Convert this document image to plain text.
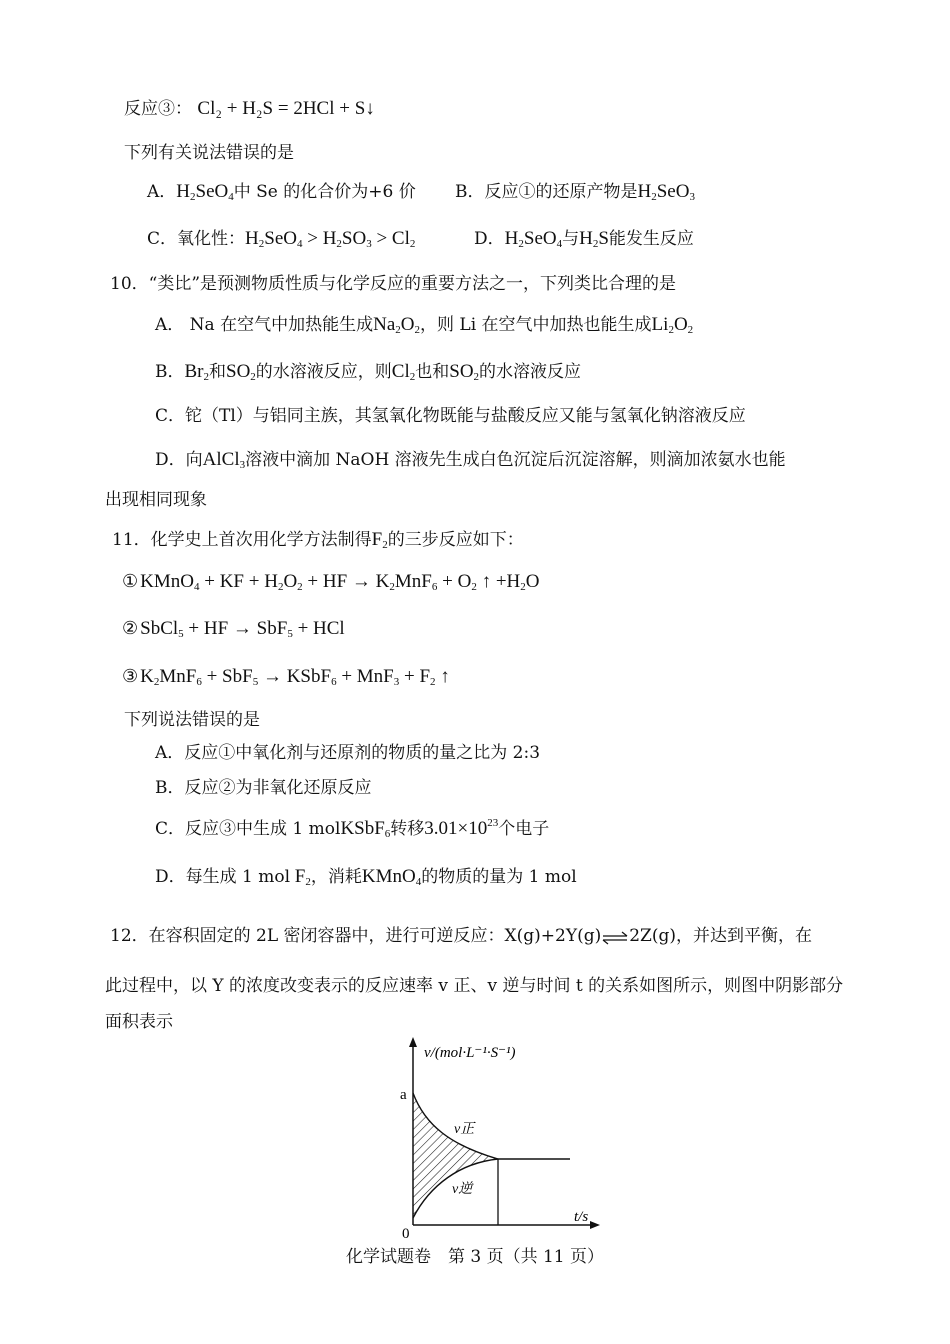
反应③： Cl₂ + H₂S = 2HCl + S↓
下列有关说法错误的是
A．H2SeO4中 Se 的化合价为+6 价 B．反应①的还原产物是H2SeO3
C．氧化性：H2SeO4 > H2SO3 > Cl2	D．H2SeO4与H2S能发生反应
10．“类比”是预测物质性质与化学反应的重要方法之一，下列类比合理的是
A． Na 在空气中加热能生成Na2O2，则 Li 在空气中加热也能生成Li2O2
B．Br2和SO2的水溶液反应，则Cl2也和SO2的水溶液反应
C．铊（Tl）与铝同主族，其氢氧化物既能与盐酸反应又能与氢氧化钠溶液反应
D．向AlCl3溶液中滴加 NaOH 溶液先生成白色沉淀后沉淀溶解，则滴加浓氨水也能
出现相同现象
11．化学史上首次用化学方法制得F2的三步反应如下：
① KMnO4 + KF + H2O2 + HF → K2MnF6 + O2 ↑ +H2O
② SbCl5 + HF → SbF5 + HCl
③ K2MnF6 + SbF5 → KSbF6 + MnF3 + F2 ↑
下列说法错误的是
A．反应①中氧化剂与还原剂的物质的量之比为 2:3
B．反应②为非氧化还原反应
C．反应③中生成 1 molKSbF6转移$3.01\times 10^{23}$个电子
D．每生成 1 mol F2，消耗KMnO4的物质的量为 1 mol
12．在容积固定的 2L 密闭容器中，进行可逆反应：X(g)+2Y(g)⇌2Z(g)，并达到平衡，在
此过程中，以 Y 的浓度改变表示的反应速率 v 正、v 逆与时间 t 的关系如图所示，则图中阴影部分
面积表示
v/(mol·L⁻¹·S⁻¹)
a
0
t/s
v正
v逆
化学试题卷　第 3 页（共 11 页）
